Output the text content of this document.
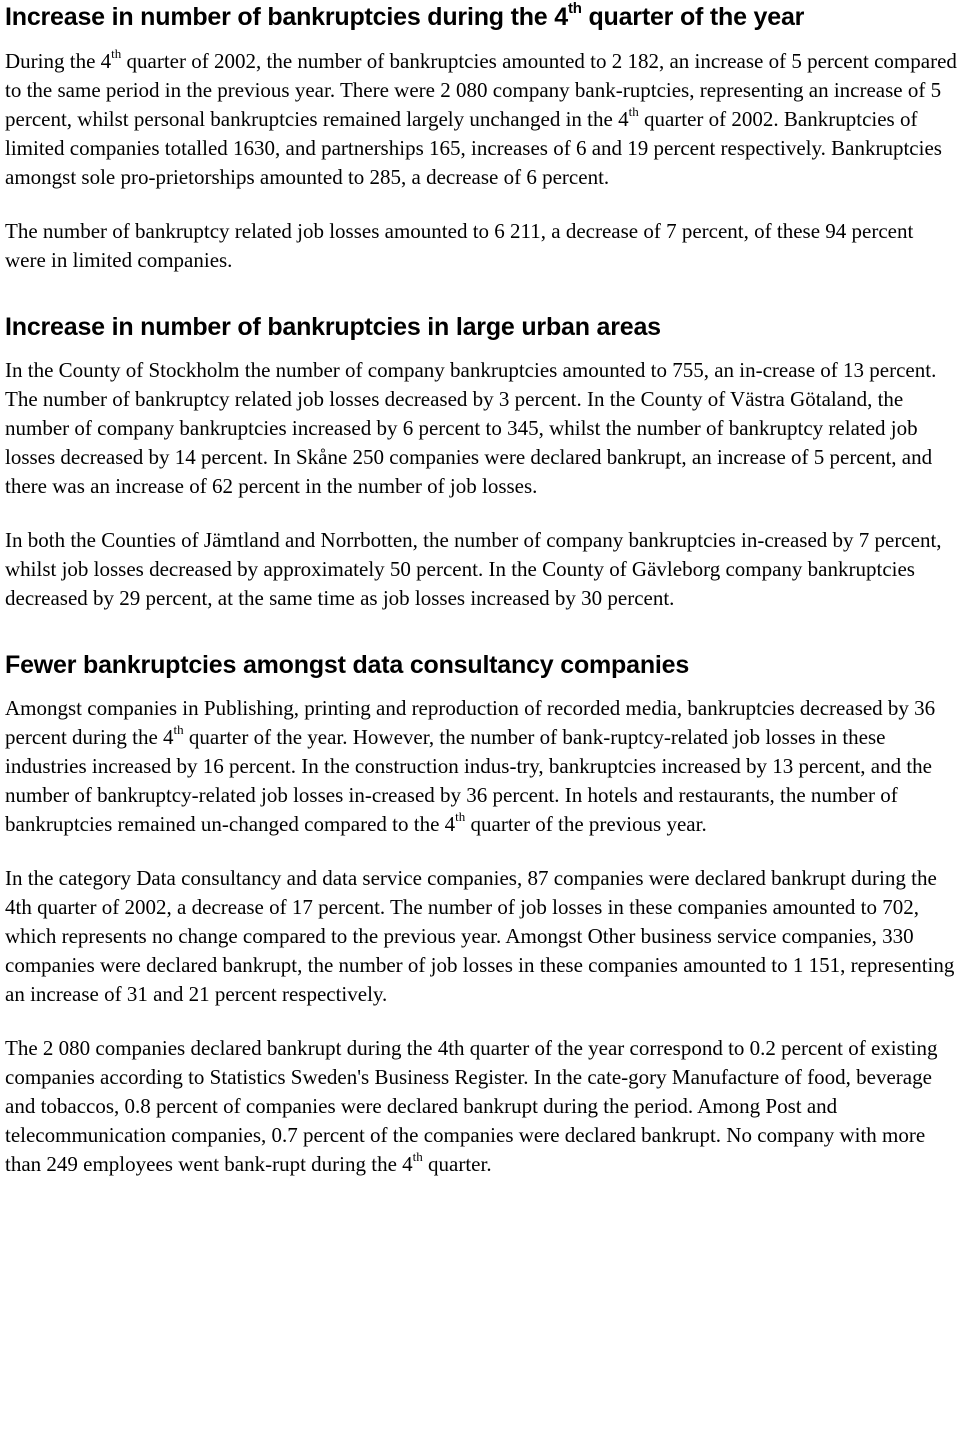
Increase in number of bankruptcies during the 4th quarter of the year

During the 4th quarter of 2002, the number of bankruptcies amounted to 2 182, an increase of 5 percent compared to the same period in the previous year. There were 2 080 company bank-ruptcies, representing an increase of 5 percent, whilst personal bankruptcies remained largely unchanged in the 4th quarter of 2002. Bankruptcies of limited companies totalled 1630, and partnerships 165, increases of 6 and 19 percent respectively. Bankruptcies amongst sole pro-prietorships amounted to 285, a decrease of 6 percent.

The number of bankruptcy related job losses amounted to 6 211, a decrease of 7 percent, of these 94 percent were in limited companies.

Increase in number of bankruptcies in large urban areas

In the County of Stockholm the number of company bankruptcies amounted to 755, an in-crease of 13 percent. The number of bankruptcy related job losses decreased by 3 percent. In the County of Västra Götaland, the number of company bankruptcies increased by 6 percent to 345, whilst the number of bankruptcy related job losses decreased by 14 percent. In Skåne 250 companies were declared bankrupt, an increase of 5 percent, and there was an increase of 62 percent in the number of job losses.

In both the Counties of Jämtland and Norrbotten, the number of company bankruptcies in-creased by 7 percent, whilst job losses decreased by approximately 50 percent. In the County of Gävleborg company bankruptcies decreased by 29 percent, at the same time as job losses increased by 30 percent.

Fewer bankruptcies amongst data consultancy companies

Amongst companies in Publishing, printing and reproduction of recorded media, bankruptcies decreased by 36 percent during the 4th quarter of the year. However, the number of bank-ruptcy-related job losses in these industries increased by 16 percent. In the construction indus-try, bankruptcies increased by 13 percent, and the number of bankruptcy-related job losses in-creased by 36 percent. In hotels and restaurants, the number of bankruptcies remained un-changed compared to the 4th quarter of the previous year.

In the category Data consultancy and data service companies, 87 companies were declared bankrupt during the 4th quarter of 2002, a decrease of 17 percent. The number of job losses in these companies amounted to 702, which represents no change compared to the previous year. Amongst Other business service companies, 330 companies were declared bankrupt, the number of job losses in these companies amounted to 1 151, representing an increase of 31 and 21 percent respectively.

The 2 080 companies declared bankrupt during the 4th quarter of the year correspond to 0.2 percent of existing companies according to Statistics Sweden's Business Register. In the cate-gory Manufacture of food, beverage and tobaccos, 0.8 percent of companies were declared bankrupt during the period. Among Post and telecommunication companies, 0.7 percent of the companies were declared bankrupt. No company with more than 249 employees went bank-rupt during the 4th quarter.
